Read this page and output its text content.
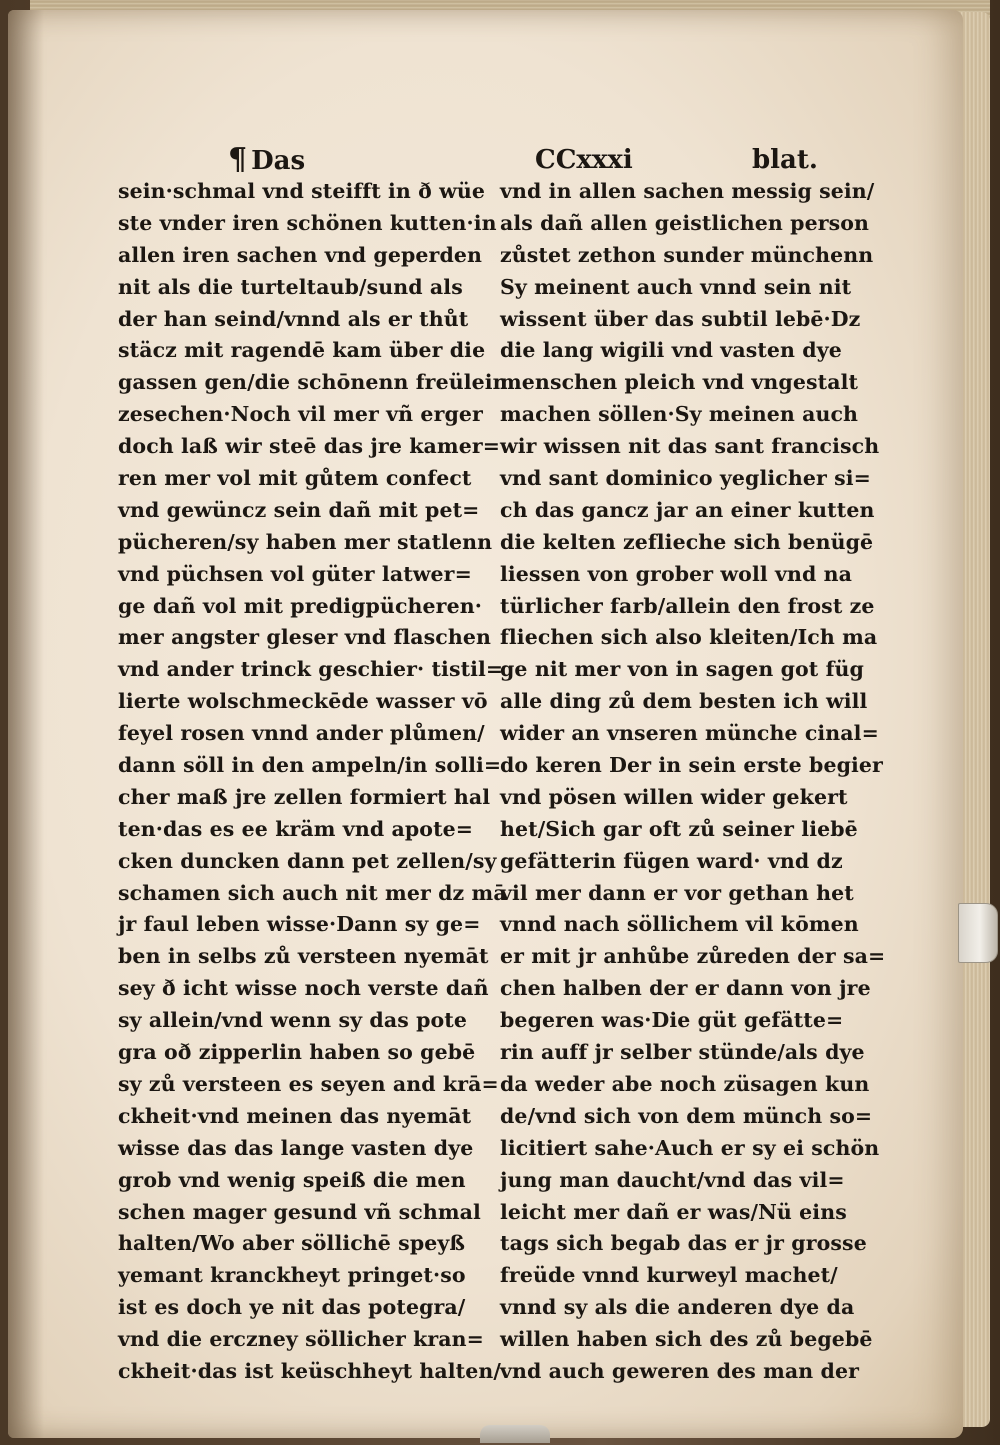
¶ Das	CCxxxi	blat.
sein·schmal vnd steifft in ð wüe
ste vnder iren schönen kutten·in
allen iren sachen vnd geperden
nit als die turteltaub/sund als
der han seind/vnnd als er thůt
stäcz mit ragendē kam über die
gassen gen/die schōnenn freülein
zesechen·Noch vil mer vñ erger
doch laß wir steē das jre kamer=
ren mer vol mit gůtem confect
vnd gewüncz sein dañ mit pet=
pücheren/sy haben mer statlenn
vnd püchsen vol güter latwer=
ge dañ vol mit predigpücheren·
mer angster gleser vnd flaschen
vnd ander trinck geschier· tistil=
lierte wolschmeckēde wasser vō
feyel rosen vnnd ander plůmen/
dann söll in den ampeln/in solli=
cher maß jre zellen formiert hal
ten·das es ee kräm vnd apote=
cken duncken dann pet zellen/sy
schamen sich auch nit mer dz mā
jr faul leben wisse·Dann sy ge=
ben in selbs zů versteen nyemāt
sey ð icht wisse noch verste dañ
sy allein/vnd wenn sy das pote
gra oð zipperlin haben so gebē
sy zů versteen es seyen and krā=
ckheit·vnd meinen das nyemāt
wisse das das lange vasten dye
grob vnd wenig speiß die men
schen mager gesund vñ schmal
halten/Wo aber söllichē speyß
yemant kranckheyt pringet·so
ist es doch ye nit das potegra/
vnd die erczney söllicher kran=
ckheit·das ist keüschheyt halten/
vnd in allen sachen messig sein/
als dañ allen geistlichen person
zůstet zethon sunder münchenn
Sy meinent auch vnnd sein nit
wissent über das subtil lebē·Dz
die lang wigili vnd vasten dye
menschen pleich vnd vngestalt
machen söllen·Sy meinen auch
wir wissen nit das sant francisch
vnd sant dominico yeglicher si=
ch das gancz jar an einer kutten
die kelten zeflieche sich benügē
liessen von grober woll vnd na
türlicher farb/allein den frost ze
fliechen sich also kleiten/Ich ma
ge nit mer von in sagen got füg
alle ding zů dem besten ich will
wider an vnseren münche cinal=
do keren Der in sein erste begier
vnd pösen willen wider gekert
het/Sich gar oft zů seiner liebē
gefätterin fügen ward· vnd dz
vil mer dann er vor gethan het
vnnd nach söllichem vil kōmen
er mit jr anhůbe zůreden der sa=
chen halben der er dann von jre
begeren was·Die güt gefätte=
rin auff jr selber stünde/als dye
da weder abe noch züsagen kun
de/vnd sich von dem münch so=
licitiert sahe·Auch er sy ei schön
jung man daucht/vnd das vil=
leicht mer dañ er was/Nü eins
tags sich begab das er jr grosse
freüde vnnd kurweyl machet/
vnnd sy als die anderen dye da
willen haben sich des zů begebē
vnd auch geweren des man der
